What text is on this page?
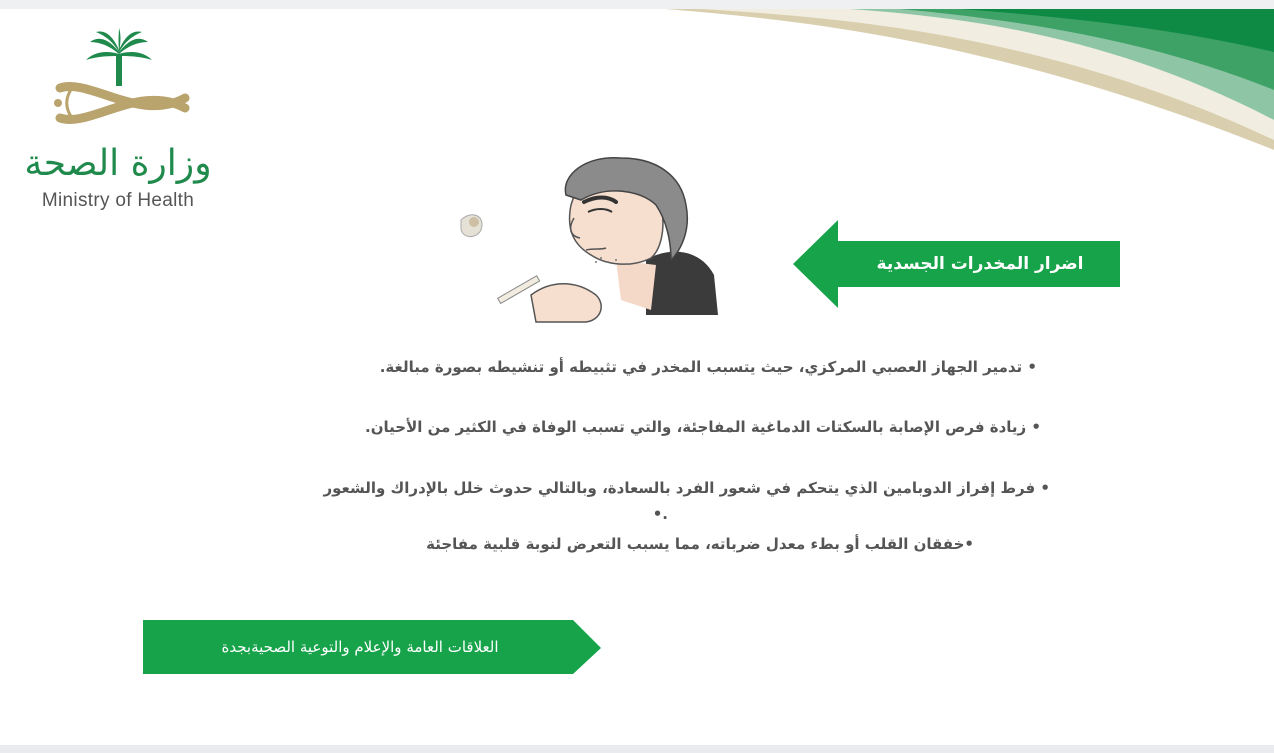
وزارة الصحة
Ministry of Health
اضرار المخدرات الجسدية
• تدمير الجهاز العصبي المركزي، حيث يتسبب المخدر في تثبيطه أو تنشيطه بصورة مبالغة.
• زيادة فرص الإصابة بالسكتات الدماغية المفاجئة، والتي تسبب الوفاة في الكثير من الأحيان.
• فرط إفراز الدوبامين الذي يتحكم في شعور الفرد بالسعادة، وبالتالي حدوث خلل بالإدراك والشعور
.•
•خفقان القلب أو بطء معدل ضرباته، مما يسبب التعرض لنوبة قلبية مفاجئة
العلاقات العامة والإعلام والتوعية الصحيةبجدة
